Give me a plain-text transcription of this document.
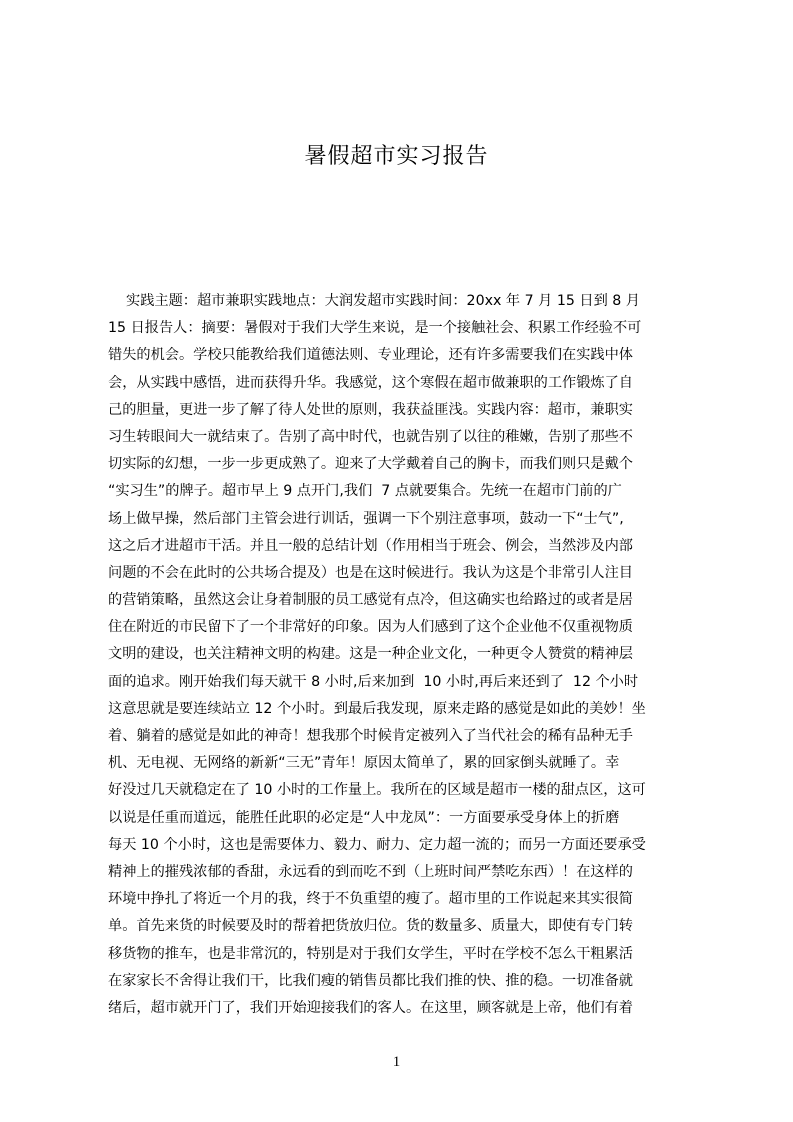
暑假超市实习报告
实践主题：超市兼职实践地点：大润发超市实践时间：20xx 年 7 月 15 日到 8 月
15 日报告人：摘要：暑假对于我们大学生来说，是一个接触社会、积累工作经验不可
错失的机会。学校只能教给我们道德法则、专业理论，还有许多需要我们在实践中体
会，从实践中感悟，进而获得升华。我感觉，这个寒假在超市做兼职的工作锻炼了自
己的胆量，更进一步了解了待人处世的原则，我获益匪浅。实践内容：超市，兼职实
习生转眼间大一就结束了。告别了高中时代，也就告别了以往的稚嫩，告别了那些不
切实际的幻想，一步一步更成熟了。迎来了大学戴着自己的胸卡，而我们则只是戴个
“实习生”的牌子。超市早上 9 点开门,我们  7 点就要集合。先统一在超市门前的广
场上做早操，然后部门主管会进行训话，强调一下个别注意事项，鼓动一下“士气”,
这之后才进超市干活。并且一般的总结计划（作用相当于班会、例会，当然涉及内部
问题的不会在此时的公共场合提及）也是在这时候进行。我认为这是个非常引人注目
的营销策略，虽然这会让身着制服的员工感觉有点冷，但这确实也给路过的或者是居
住在附近的市民留下了一个非常好的印象。因为人们感到了这个企业他不仅重视物质
文明的建设，也关注精神文明的构建。这是一种企业文化，一种更令人赞赏的精神层
面的追求。刚开始我们每天就干 8 小时,后来加到  10 小时,再后来还到了  12 个小时
这意思就是要连续站立 12 个小时。到最后我发现，原来走路的感觉是如此的美妙！坐
着、躺着的感觉是如此的神奇！想我那个时候肯定被列入了当代社会的稀有品种无手
机、无电视、无网络的新新“三无”青年！原因太简单了，累的回家倒头就睡了。幸
好没过几天就稳定在了 10 小时的工作量上。我所在的区域是超市一楼的甜点区，这可
以说是任重而道远，能胜任此职的必定是“人中龙凤”：一方面要承受身体上的折磨
每天 10 个小时，这也是需要体力、毅力、耐力、定力超一流的；而另一方面还要承受
精神上的摧残浓郁的香甜，永远看的到而吃不到（上班时间严禁吃东西）！在这样的
环境中挣扎了将近一个月的我，终于不负重望的瘦了。超市里的工作说起来其实很简
单。首先来货的时候要及时的帮着把货放归位。货的数量多、质量大，即使有专门转
移货物的推车，也是非常沉的，特别是对于我们女学生，平时在学校不怎么干粗累活
在家家长不舍得让我们干，比我们瘦的销售员都比我们推的快、推的稳。一切准备就
绪后，超市就开门了，我们开始迎接我们的客人。在这里，顾客就是上帝，他们有着
1
